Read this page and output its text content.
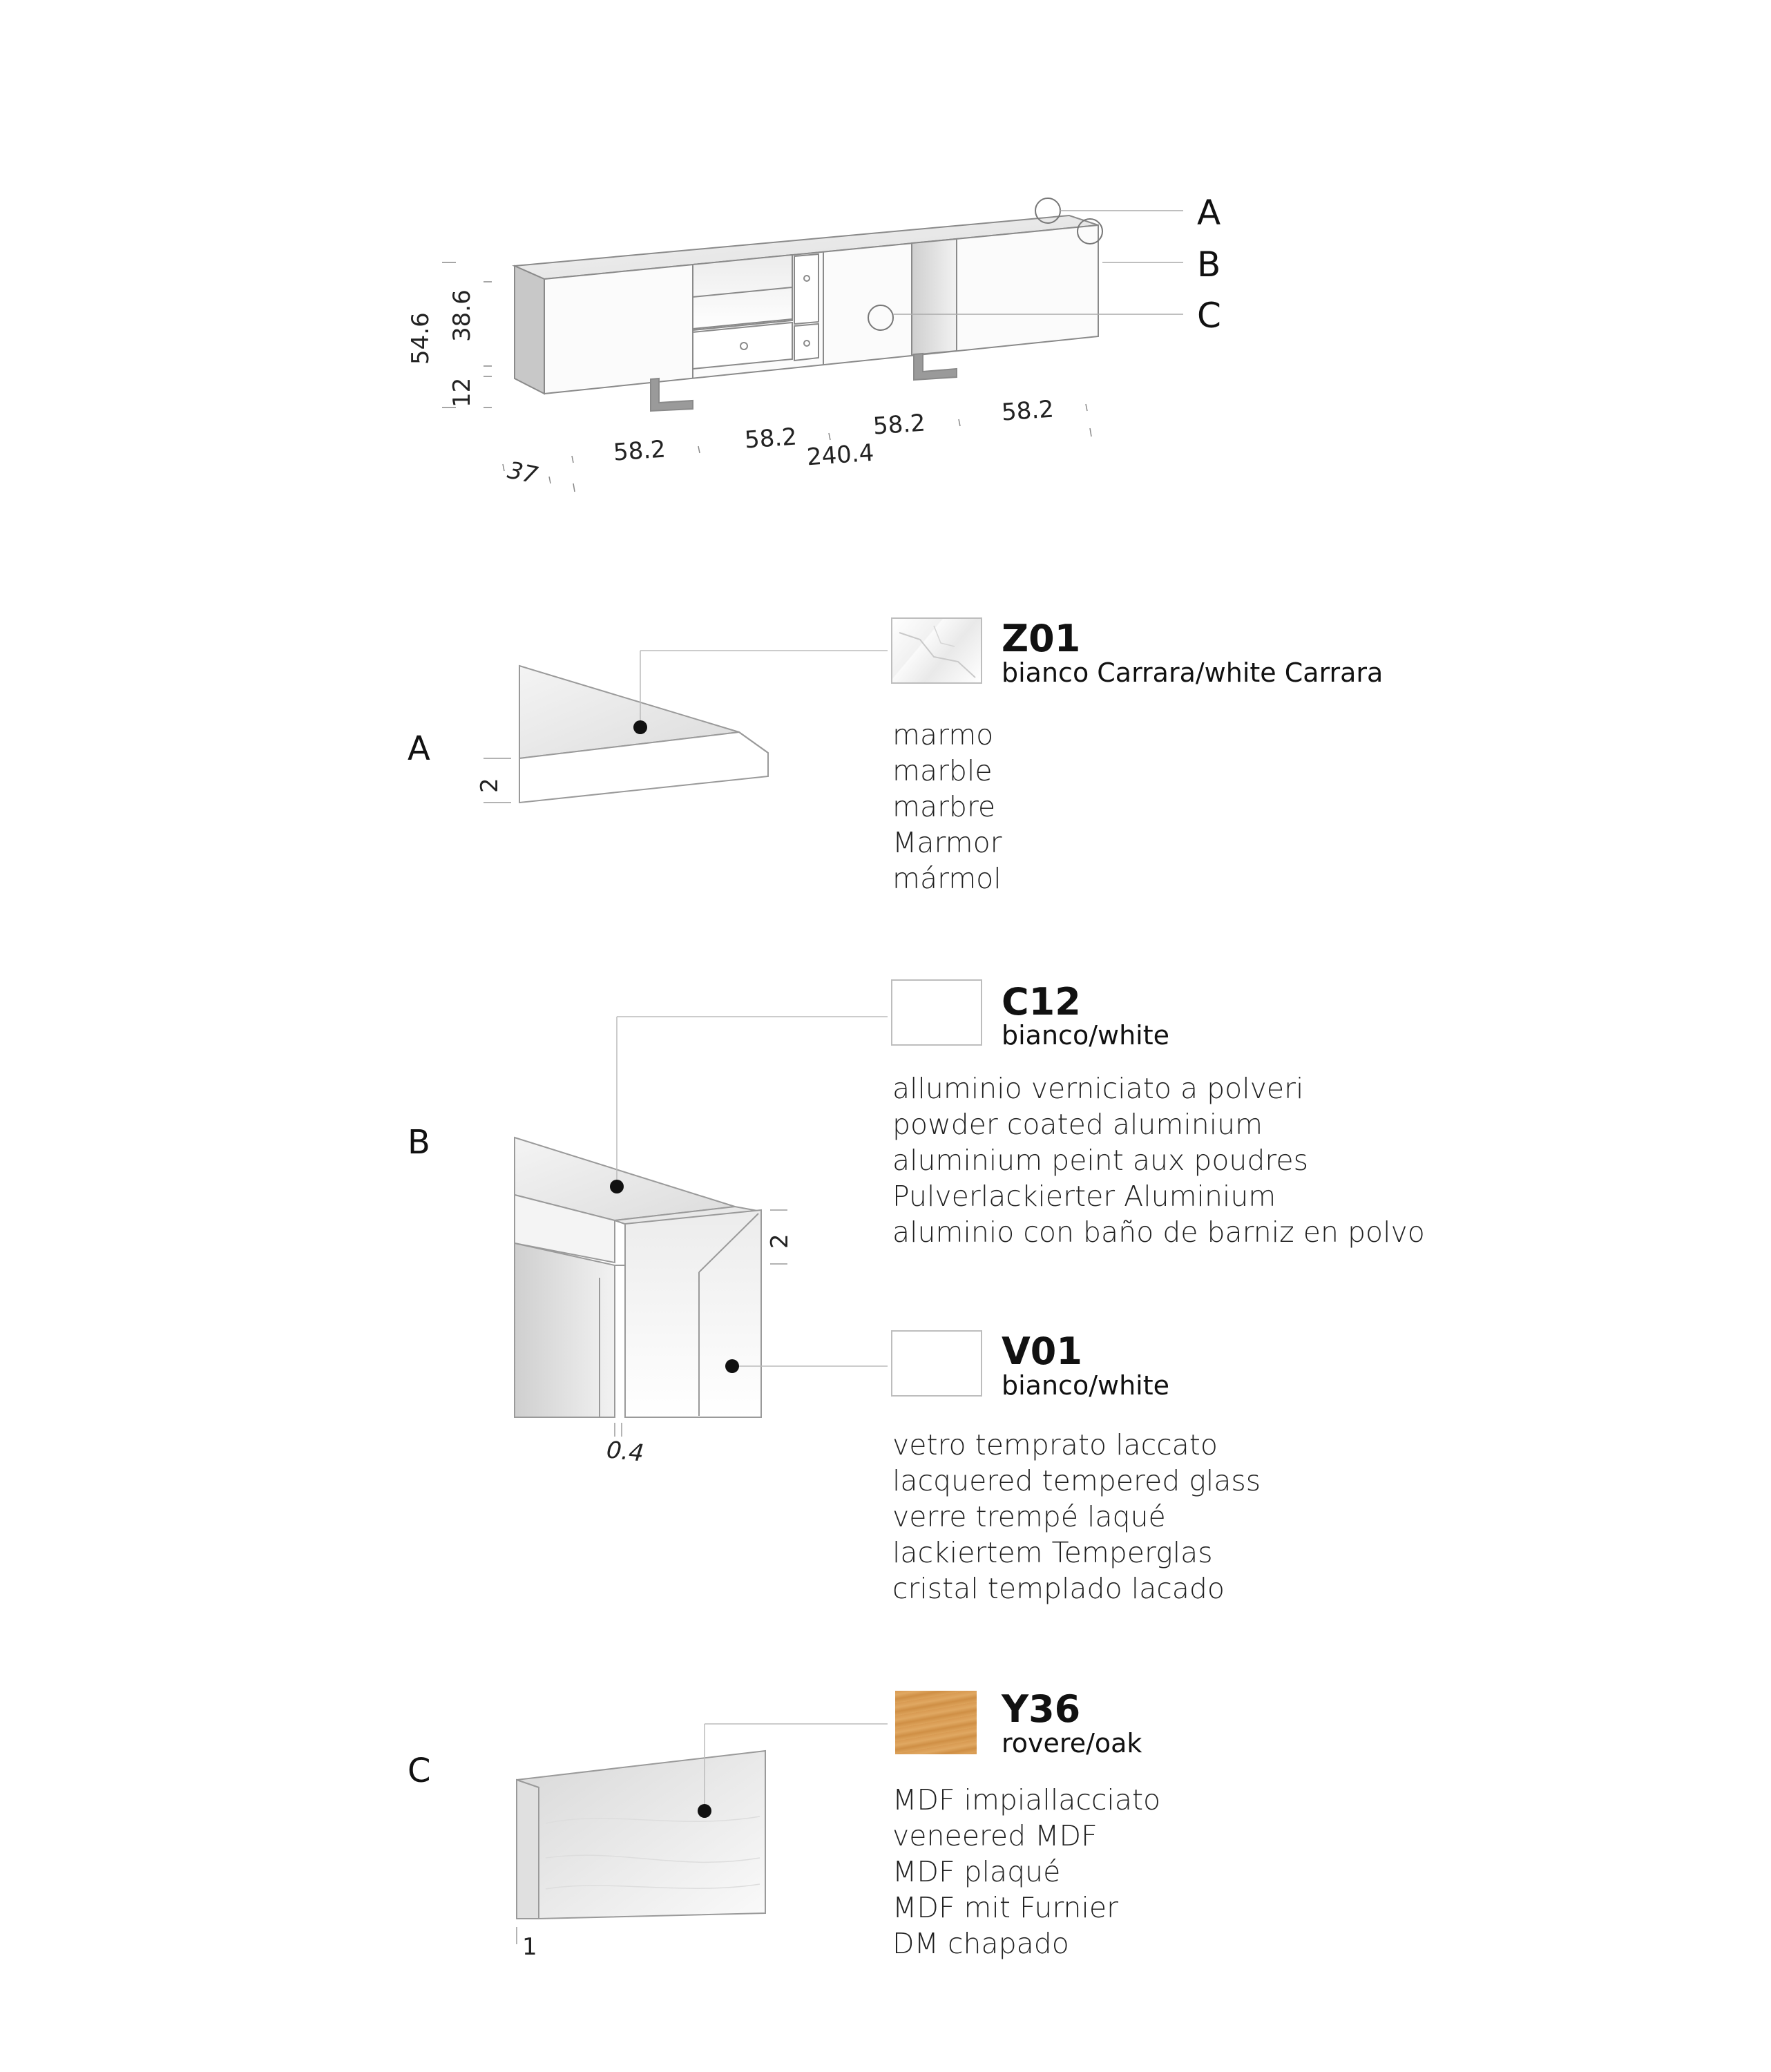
A
B
C
54.6 38.6
12
37
58.2	58.2	58.2	58.2
240.4
A
2
Z01
bianco Carrara/white Carrara
marmo
marble
marbre
Marmor
mármol
B
2
0.4
C12
bianco/white
alluminio verniciato a polveri
powder coated aluminium
aluminium peint aux poudres
Pulverlackierter Aluminium
aluminio con baño de barniz en polvo
V01
bianco/white
vetro temprato laccato
lacquered tempered glass
verre trempé laqué
lackiertem Temperglas
cristal templado lacado
C
1
Y36
rovere/oak
MDF impiallacciato
veneered MDF
MDF plaqué
MDF mit Furnier
DM chapado
